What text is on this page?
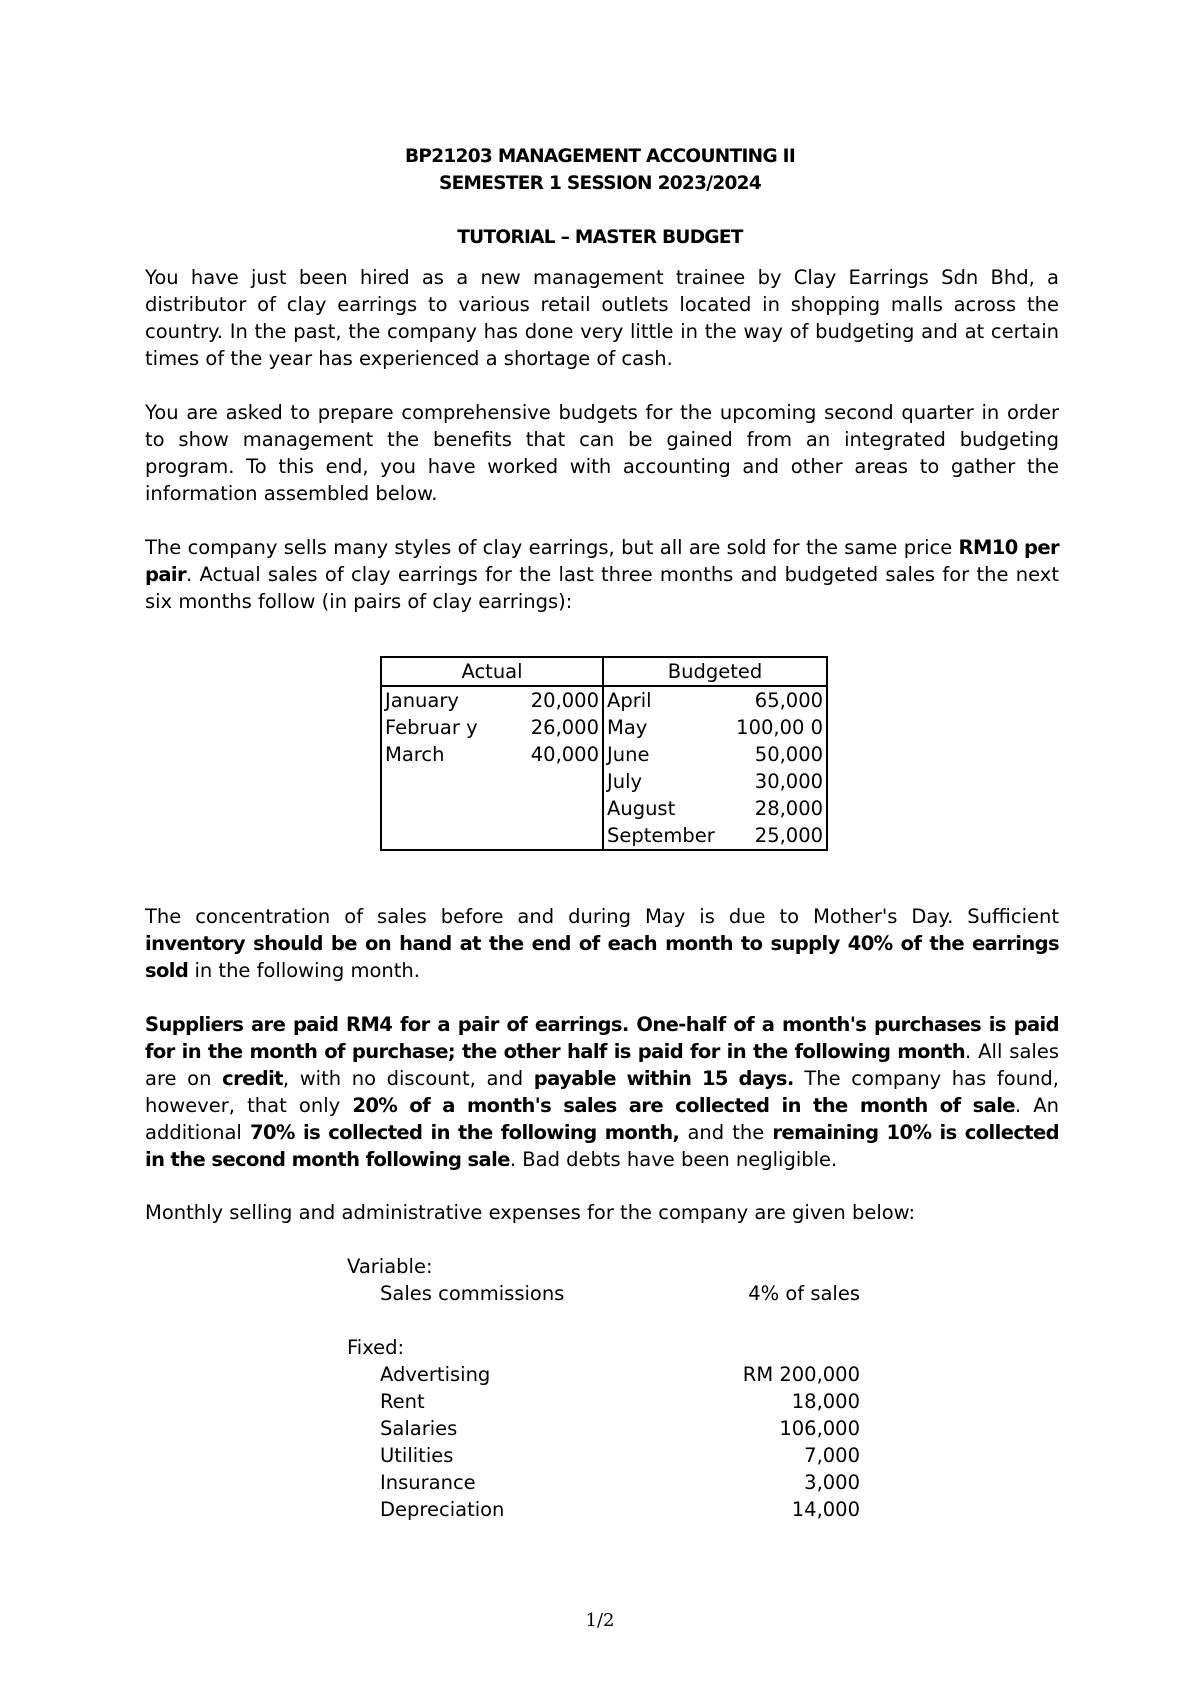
BP21203 MANAGEMENT ACCOUNTING II
SEMESTER 1 SESSION 2023/2024
TUTORIAL – MASTER BUDGET

You have just been hired as a new management trainee by Clay Earrings Sdn Bhd, a distributor of clay earrings to various retail outlets located in shopping malls across the country. In the past, the company has done very little in the way of budgeting and at certain times of the year has experienced a shortage of cash.

You are asked to prepare comprehensive budgets for the upcoming second quarter in order to show management the benefits that can be gained from an integrated budgeting program. To this end, you have worked with accounting and other areas to gather the information assembled below.

The company sells many styles of clay earrings, but all are sold for the same price RM10 per pair. Actual sales of clay earrings for the last three months and budgeted sales for the next six months follow (in pairs of clay earrings):

Actual		Budgeted	
January	20,000	April	65,000
Februar y	26,000	May	100,00 0
March	40,000	June	50,000
		July	30,000
		August	28,000
		September	25,000

The concentration of sales before and during May is due to Mother's Day. Sufficient inventory should be on hand at the end of each month to supply 40% of the earrings sold in the following month.

Suppliers are paid RM4 for a pair of earrings. One-half of a month's purchases is paid for in the month of purchase; the other half is paid for in the following month. All sales are on credit, with no discount, and payable within 15 days. The company has found, however, that only 20% of a month's sales are collected in the month of sale. An additional 70% is collected in the following month, and the remaining 10% is collected in the second month following sale. Bad debts have been negligible.

Monthly selling and administrative expenses for the company are given below:

Variable:
Sales commissions	4% of sales
Fixed:
Advertising	RM 200,000
Rent	18,000
Salaries	106,000
Utilities	7,000
Insurance	3,000
Depreciation	14,000
1/2
